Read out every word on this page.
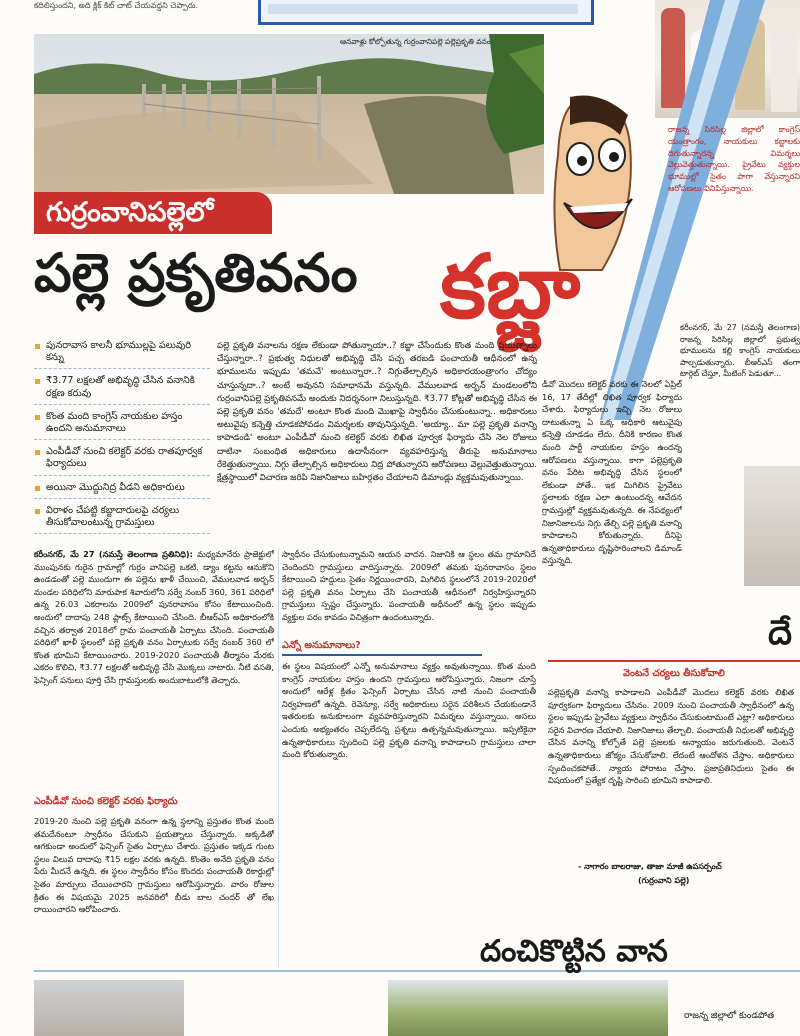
కదిలిస్తుందని, అది క్లిక్ కిట్ చాట్ చేయవద్దని చెప్పారు.
ఆనవాళ్లు కోల్పోతున్న గుర్రంవానిపల్లె పల్లెప్రకృతి వనం
గుర్రంవానిపల్లెలో
పల్లె ప్రకృతివనం కబ్జా
రాజన్న సిరిసిల్ల జిల్లాలో కాంగ్రెస్ యంత్రాంగం, నాయకులు కబ్జాలకు దిగుతున్నారన్న విమర్శలు వెల్లువెత్తుతున్నాయి. ప్రైవేటు వ్యక్తుల భూముల్లో సైతం పాగా వేస్తున్నారని ఆరోపణలు వినిపిస్తున్నాయి.
కరీంనగర్, మే 27 (నమస్తే తెలంగాణ) రాజన్న సిరిసిల్ల జిల్లాలో ప్రభుత్వ భూములను కల్లి కాంగ్రెస్ నాయకులు పాల్పడుతున్నారు. బీఆర్ఎస్ తంగా టార్గెట్ చేస్తూ, మీటింగ్ పెడుతూ...
పునరావాస కాలనీ భూముల్లపై పలువురి కన్ను
₹3.77 లక్షలతో అభివృద్ధి చేసిన వనానికి రక్షణ కరువు
కొంత మంది కాంగ్రెస్ నాయకుల హస్తం ఉందని అనుమానాలు
ఎంపీడీవో నుంచి కలెక్టర్ వరకు రాతపూర్వక ఫిర్యాదులు
అయినా మొద్దునిద్ర వీడని అధికారులు
విరాళం చేపట్టి కబ్జాదారులపై చర్యలు తీసుకోవాలంటున్న గ్రామస్తులు
పల్లె ప్రకృతి వనాలను రక్షణ లేకుండా పోతున్నాయా..? కబ్జా చేసేందుకు కొంత మంది ప్రయత్నాలు చేస్తున్నారా..? ప్రభుత్వ నిధులతో అభివృద్ధి చేసి పచ్చ తరబడి పంచాయతీ ఆధీనంలో ఉన్న భూములను ఇప్పుడు 'తమవే' అంటున్నారా..? నిగ్గుతేల్చాల్సిన అధికారయంత్రాంగం చోద్యం చూస్తున్నదా..? అంటే అవునని సమాధానమే వస్తున్నది. వేములవాడ అర్బన్ మండలంలోని గుర్రంవానిపల్లె ప్రకృతివనమే అందుకు నిదర్శనంగా నిలుస్తున్నది. ₹3.77 కోట్లతో అభివృద్ధి చేసిన ఈ పల్లె ప్రకృతి వనం 'తమదే' అంటూ కొంత మంది మొఖాపై స్వాధీనం చేసుకుంటున్నా.. అధికారులు అటువైపు కన్నెత్తి చూడకపోవడం విమర్శలకు తావునిస్తున్నది. 'అయ్యా.. మా పల్లె ప్రకృతి వనాన్ని కాపాడండి' అంటూ ఎంపీడీవో నుంచి కలెక్టర్ వరకు లిఖిత పూర్వక ఫిర్యాదు చేసి నెల రోజులు దాటినా సంబంధిత అధికారులు ఉదాసీనంగా వ్యవహరిస్తున్న తీరుపై అనుమానాలు రేకెత్తుతున్నాయి. నిగ్గు తేల్చాల్సిన అధికారులు నిద్ర పోతున్నారని ఆరోపణలు వెల్లువెత్తుతున్నాయి. క్షేత్రస్థాయిలో విచారణ జరిపి నిజానిజాలు బహిర్గతం చేయాలని డిమాండ్లు వ్యక్తమవుతున్నాయి.
డీవో మొదలు కలెక్టర్ వరకు ఈ నెలలో ఏప్రిల్ 16, 17 తేదీల్లో లిఖిత పూర్వక ఫిర్యాదు చేశారు. ఫిర్యాదులు ఇచ్చి నెల రోజులు దాటుతున్నా ఏ ఒక్క అధికారి ఆటువైపు కన్నెత్తి చూడడం లేదు. దీనికి కారణం కొంత మంది పార్టీ నాయకుల హస్తం ఉందన్న ఆరోపణలు వస్తున్నాయి. కాగా పల్లెప్రకృతి వనం పేరిట అభివృద్ధి చేసిన స్థలంలో లేకుండా పోతే.. ఇక మిగిలిన ప్రైవేటు స్థలాలకు రక్షణ ఎలా ఉంటుందన్న ఆవేదన గ్రామస్తుల్లో వ్యక్తమవుతున్నది. ఈ నేపథ్యంలో నిజానిజాలను నిగ్గు తేల్చి పల్లె ప్రకృతి వనాన్ని కాపాడాలని కోరుతున్నారు. దీనిపై ఉన్నతాధికారులు దృష్టిసారించాలని డిమాండ్ వస్తున్నది.
కరీంనగర్, మే 27 (నమస్తే తెలంగాణ ప్రతినిధి): మధ్యమానేరు ప్రాజెక్టులో ముంపునకు గురైన గ్రామాల్లో గుర్రం వానిపల్లె ఒకటి. డ్యాం కట్టను ఆనుకొని ఉండడంతో పల్లె ముందుగా ఈ పల్లెను ఖాళీ చేయించి, వేములవాడ అర్బన్ మండల పరిధిలోని మారుపాక శివారులోని సర్వే నంబర్ 360, 361 పరిధిలో ఉన్న 26.03 ఎకరాలను 2009లో పునరావాసం కోసం కేటాయించింది. అందులో దాదాపు 248 ప్లాట్స్ కేటాయించి చేసింది. బీఆర్ఎస్ అధికారంలోకి వచ్చిన తర్వాత 2018లో గ్రామ పంచాయతీ ఏర్పాటు చేసింది. పంచాయతీ పరిధిలో ఖాళీ స్థలంలో పల్లె ప్రకృతి వనం ఏర్పాటుకు సర్వే నంబర్ 360 లో కొంత భూమిని కేటాయించారు. 2019-2020 పంచాయతీ తీర్మానం మేరకు ఎకరం కొలిచి, ₹3.77 లక్షలతో అభివృద్ధి చేసి మొక్కలు నాటారు. నీటి వసతి, ఫెన్సింగ్ పనులు పూర్తి చేసి గ్రామస్తులకు అందుబాటులోకి తెచ్చారు.
ఎంపీడీవో నుంచి కలెక్టర్ వరకు ఫిర్యాదు
2019-20 నుంచి పల్లె ప్రకృతి వనంగా ఉన్న స్థలాన్ని ప్రస్తుతం కొంత మంది తమదేనంటూ స్వాధీనం చేసుకుని ప్రయత్నాలు చేస్తున్నారు. అక్కడితో ఆగకుండా అందులో ఫెన్సింగ్ సైతం ఏర్పాటు చేశారు. ప్రస్తుతం ఇక్కడ గుంట స్థలం విలువ దాదాపు ₹15 లక్షల వరకు ఉన్నది. కొంతెం అనేది ప్రకృతి వనం పేరు మీదనే ఉన్నది. ఈ స్థలం స్వాధీనం కోసం కొందరు పంచాయతీ రికార్డుల్లో సైతం మార్పులు చేయించారని గ్రామస్తులు ఆరోపిస్తున్నారు. వారం రోజుల క్రితం ఈ విషయమై 2025 జనవరిలో బీడు బాల చందర్ తో లేఖ రాయించారని ఆరోపించారు.
స్వాధీనం చేసుకుంటున్నామని ఆయన వాదన. నిజానికి ఆ స్థలం తమ గ్రామానిదే చెందిందని గ్రామస్తులు వాదిస్తున్నారు. 2009లో తమకు పునరావాసం స్థలం కేటాయించి హద్దులు సైతం నిర్ణయించారని, మిగిలిన స్థలంలోనే 2019-2020లో పల్లె ప్రకృతి వనం ఏర్పాటు చేసి పంచాయతీ ఆధీనంలో నిర్వహిస్తున్నారని గ్రామస్తులు స్పష్టం చేస్తున్నారు. పంచాయతీ అధీనంలో ఉన్న స్థలం ఇప్పుడు వ్యక్తుల పరం కావడం విచిత్రంగా ఉందంటున్నారు.
ఎన్నో అనుమానాలు?
ఈ స్థలం విషయంలో ఎన్నో అనుమానాలు వ్యక్తం అవుతున్నాయి. కొంత మంది కాంగ్రెస్ నాయకుల హస్తం ఉందని గ్రామస్తులు ఆరోపిస్తున్నారు. నిజంగా చూస్తే అందులో ఆరేళ్ల క్రితం ఫెన్సింగ్ ఏర్పాటు చేసిన నాటి నుంచి పంచాయతీ నిర్వహణలో ఉన్నది. రెవెన్యూ, సర్వే అధికారులు సరైన పరిశీలన చేయకుండానే ఇతరులకు అనుకూలంగా వ్యవహరిస్తున్నారని విమర్శలు వస్తున్నాయి. అసలు ఎందుకు అభ్యంతరం చెప్పలేదన్న ప్రశ్నలు ఉత్పన్నమవుతున్నాయి. ఇప్పటికైనా ఉన్నతాధికారులు స్పందించి పల్లె ప్రకృతి వనాన్ని కాపాడాలని గ్రామస్తులు చాలా మంది కోరుతున్నారు.
వెంటనే చర్యలు తీసుకోవాలి
పల్లెప్రకృతి వనాన్ని కాపాడాలని ఎంపీడీవో మొదలు కలెక్టర్ వరకు లిఖిత పూర్వకంగా ఫిర్యాదులు చేసినం. 2009 నుంచి పంచాయతీ స్వాధీనంలో ఉన్న స్థలం ఇప్పుడు ప్రైవేటు వ్యక్తులు స్వాధీనం చేసుకుంటామంటే ఎట్లా? అధికారులు సరైన విచారణ చేయాలి. నిజానిజాలు తేల్చాలి. పంచాయతీ నిధులతో అభివృద్ధి చేసిన వనాన్ని కోల్పోతే పల్లె ప్రజలకు అన్యాయం జరుగుతుంది. వెంటనే ఉన్నతాధికారులు జోక్యం చేసుకోవాలి. లేదంటే ఆందోళన చేస్తాం. అధికారులు స్పందించకపోతే.. న్యాయ పోరాటం చేస్తాం. ప్రజాప్రతినిధులు సైతం ఈ విషయంలో ప్రత్యేక దృష్టి సారించి భూమిని కాపాడాలి.
- నాగారం బాలరాజు, తాజా మాజీ ఉపసర్పంచ్
(గుర్రంవాని పల్లె)
దంచికొట్టిన వాన
రాజన్న జిల్లాలో కుండపోత
దే
